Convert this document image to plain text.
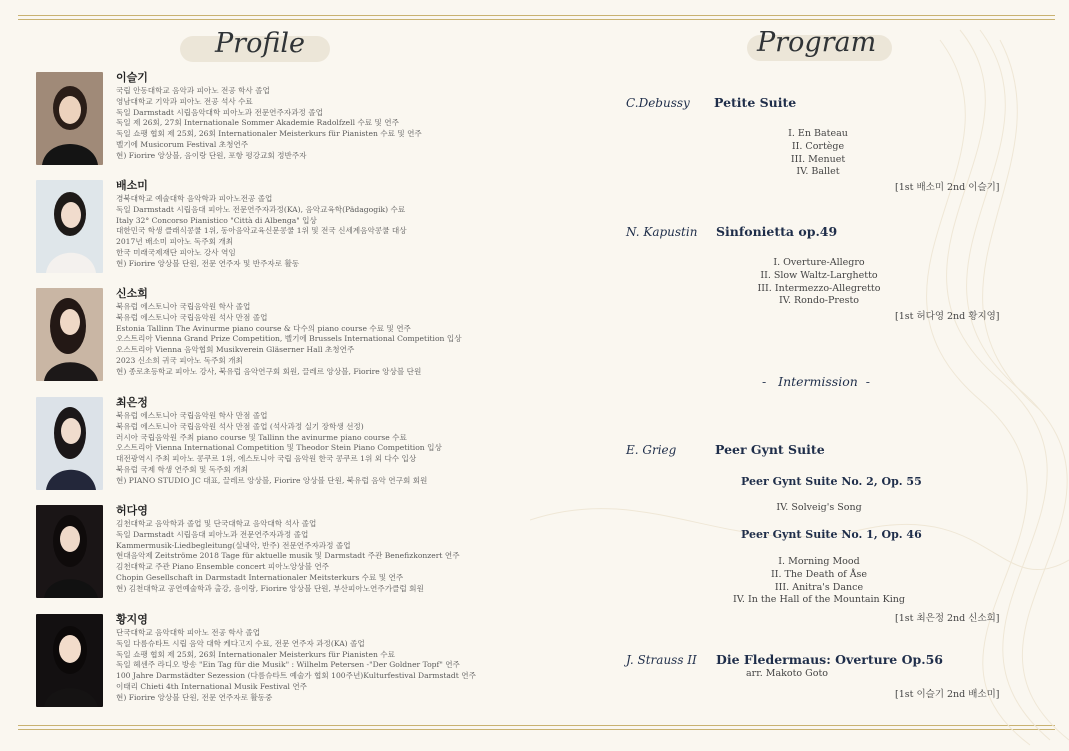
Profile	Program
이슬기
국립 안동대학교 음악과 피아노 전공 학사 졸업
영남대학교 기악과 피아노 전공 석사 수료
독일 Darmstadt 시립음악대학 피아노과 전문연주자과정 졸업
독일 제 26회, 27회 Internationale Sommer Akademie Radolfzell 수료 및 연주
독일 쇼팽 협회 제 25회, 26회 Internationaler Meisterkurs für Pianisten 수료 및 연주
벨기에 Musicorum Festival 초청연주
현) Fiorire 앙상블, 음이랑 단원, 포항 평강교회 정반주자
배소미
경북대학교 예술대학 음악학과 피아노전공 졸업
독일 Darmstadt 시립음대 피아노 전문연주자과정(KA), 음악교육학(Pädagogik) 수료
Italy 32° Concorso Pianistico "Città di Albenga" 입상
대한민국 학생 클래식콩쿨 1위, 동아음악교육신문콩쿨 1위 및 전국 신세계음악콩쿨 대상
2017년 배소미 피아노 독주회 개최
한국 미래국제재단 피아노 강사 역임
현) Fiorire 앙상블 단원, 전문 연주자 및 반주자로 활동
신소희
북유럽 에스토니아 국립음악원 학사 졸업
북유럽 에스토니아 국립음악원 석사 만점 졸업
Estonia Tallinn The Avinurme piano course & 다수의 piano course 수료 및 연주
오스트리아 Vienna Grand Prize Competition, 벨기에 Brussels International Competition 입상
오스트리아 Vienna 음악협회 Musikverein Gläserner Hall 초청연주
2023 신소희 귀국 피아노 독주회 개최
현) 종로초등학교 피아노 강사, 북유럽 음악연구회 회원, 끌레르 앙상블, Fiorire 앙상블 단원
최은정
북유럽 에스토니아 국립음악원 학사 만점 졸업
북유럽 에스토니아 국립음악원 석사 만점 졸업 (석사과정 실기 장학생 선정)
러시아 국립음악원 주최 piano course 및 Tallinn the avinurme piano course 수료
오스트리아 Vienna International Competition 및 Theodor Stein Piano Competition 입상
대전광역시 주최 피아노 콩쿠르 1위, 에스토니아 국립 음악원 한국 콩쿠르 1위 외 다수 입상
북유럽 국제 학생 연주회 및 독주회 개최
현) PIANO STUDIO JC 대표, 끌레르 앙상블, Fiorire 앙상블 단원, 북유럽 음악 연구회 회원
허다영
김천대학교 음악학과 졸업 및 단국대학교 음악대학 석사 졸업
독일 Darmstadt 시립음대 피아노과 전문연주자과정 졸업
Kammermusik-Liedbegleitung(실내악, 반주) 전문연주자과정 졸업
현대음악제 Zeitströme 2018 Tage für aktuelle musik 및 Darmstadt 주관 Benefizkonzert 연주
김천대학교 주관 Piano Ensemble concert 피아노앙상블 연주
Chopin Gesellschaft in Darmstadt Internationaler Meitsterkurs 수료 및 연주
현) 김천대학교 공연예술학과 출강, 음이랑, Fiorire 앙상블 단원, 부산피아노연주가클럽 회원
황지영
단국대학교 음악대학 피아노 전공 학사 졸업
독일 다름슈타트 시립 음악 대학 케다고지 수료, 전문 연주자 과정(KA) 졸업
독일 쇼팽 협회 제 25회, 26회 Internationaler Meisterkurs für Pianisten 수료
독일 헤센주 라디오 방송 "Ein Tag für die Musik" : Wilhelm Petersen -"Der Goldner Topf" 연주
100 Jahre Darmstädter Sezession (다름슈타트 예술가 협회 100주년)Kulturfestival Darmstadt 연주
이태리 Chieti 4th International Musik Festival 연주
현) Fiorire 앙상블 단원, 전문 연주자로 활동중
C.Debussy Petite Suite
I. En Bateau
II. Cortège
III. Menuet
IV. Ballet
[1st 배소미 2nd 이슬기]
N. Kapustin Sinfonietta op.49
I. Overture-Allegro
II. Slow Waltz-Larghetto
III. Intermezzo-Allegretto
IV. Rondo-Presto
[1st 허다영 2nd 황지영]
-   Intermission  -
E. Grieg	Peer Gynt Suite
Peer Gynt Suite No. 2, Op. 55
IV. Solveig's Song
Peer Gynt Suite No. 1, Op. 46
I. Morning Mood
II. The Death of Åse
III. Anitra's Dance
IV. In the Hall of the Mountain King
[1st 최은정 2nd 신소희]
J. Strauss II Die Fledermaus: Overture Op.56
arr. Makoto Goto
[1st 이슬기 2nd 배소미]
